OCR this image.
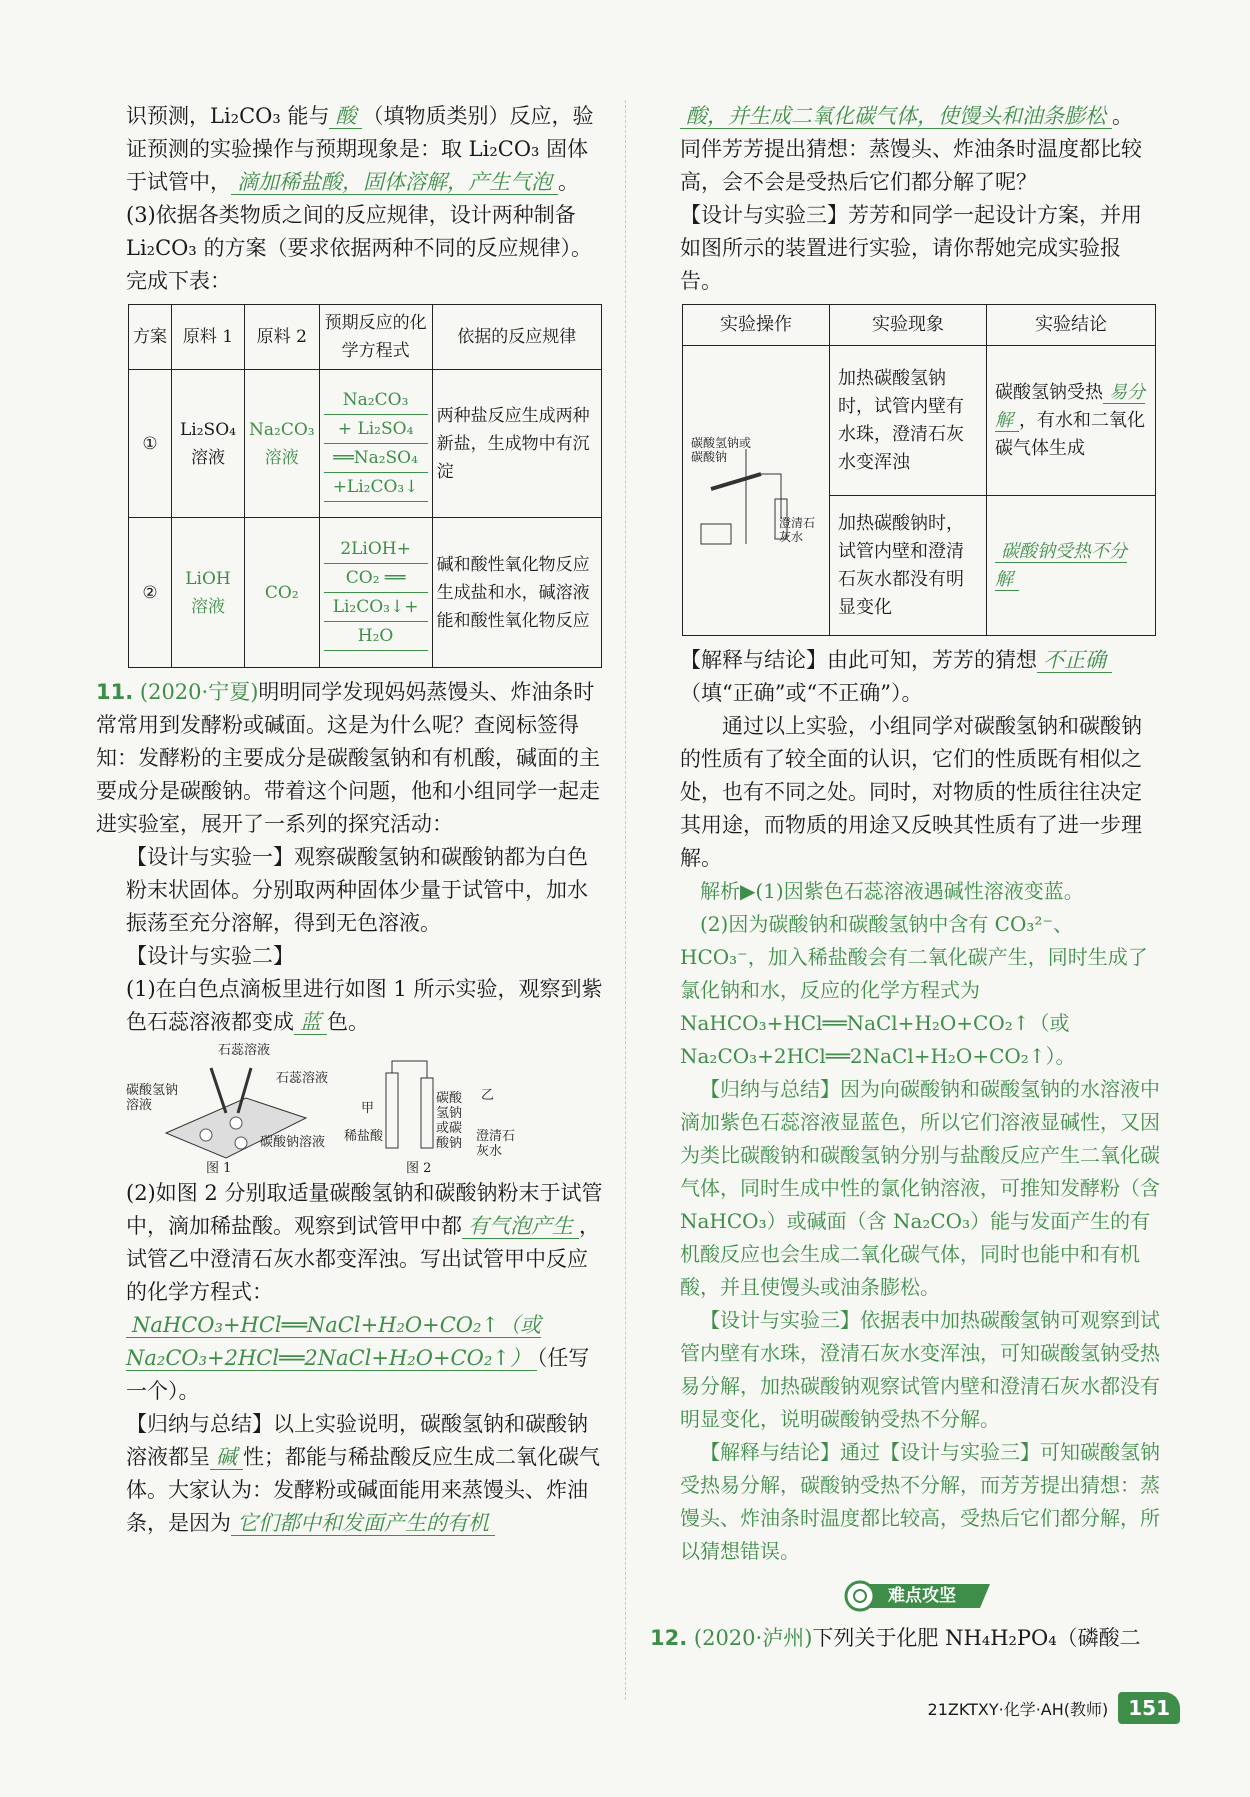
识预测，Li₂CO₃ 能与 酸 （填物质类别）反应，验证预测的实验操作与预期现象是：取 Li₂CO₃ 固体于试管中， 滴加稀盐酸，固体溶解，产生气泡 。

(3)依据各类物质之间的反应规律，设计两种制备 Li₂CO₃ 的方案（要求依据两种不同的反应规律）。完成下表：

方案	原料 1	原料 2	预期反应的化学方程式	依据的反应规律
①	Li₂SO₄ 溶液	Na₂CO₃ 溶液	Na₂CO₃
+ Li₂SO₄
══Na₂SO₄
+Li₂CO₃↓	两种盐反应生成两种新盐，生成物中有沉淀
②	LiOH 溶液	CO₂	2LiOH+
CO₂ ══
Li₂CO₃↓+
H₂O	碱和酸性氧化物反应生成盐和水，碱溶液能和酸性氧化物反应

11. (2020·宁夏)明明同学发现妈妈蒸馒头、炸油条时常常用到发酵粉或碱面。这是为什么呢？查阅标签得知：发酵粉的主要成分是碳酸氢钠和有机酸，碱面的主要成分是碳酸钠。带着这个问题，他和小组同学一起走进实验室，展开了一系列的探究活动：

【设计与实验一】观察碳酸氢钠和碳酸钠都为白色粉末状固体。分别取两种固体少量于试管中，加水振荡至充分溶解，得到无色溶液。

【设计与实验二】

(1)在白色点滴板里进行如图 1 所示实验，观察到紫色石蕊溶液都变成 蓝 色。

石蕊溶液
石蕊溶液
碳酸氢钠溶液
碳酸钠溶液
图 1
甲
稀盐酸
碳酸氢钠或碳酸钠
乙
澄清石灰水
图 2

(2)如图 2 分别取适量碳酸氢钠和碳酸钠粉末于试管中，滴加稀盐酸。观察到试管甲中都 有气泡产生 ，试管乙中澄清石灰水都变浑浊。写出试管甲中反应的化学方程式：NaHCO₃+HCl══NaCl+H₂O+CO₂↑（或 Na₂CO₃+2HCl══2NaCl+H₂O+CO₂↑） （任写一个）。

【归纳与总结】以上实验说明，碳酸氢钠和碳酸钠溶液都呈 碱 性；都能与稀盐酸反应生成二氧化碳气体。大家认为：发酵粉或碱面能用来蒸馒头、炸油条，是因为 它们都中和发面产生的有机

酸，并生成二氧化碳气体，使馒头和油条膨松 。

同伴芳芳提出猜想：蒸馒头、炸油条时温度都比较高，会不会是受热后它们都分解了呢？

【设计与实验三】芳芳和同学一起设计方案，并用如图所示的装置进行实验，请你帮她完成实验报告。

实验操作	实验现象	实验结论

碳酸氢钠或碳酸钠
澄清石灰水	加热碳酸氢钠时，试管内壁有水珠，澄清石灰水变浑浊	碳酸氢钠受热 易分解 ，有水和二氧化碳气体生成
	加热碳酸钠时，试管内壁和澄清石灰水都没有明显变化	碳酸钠受热不分解

【解释与结论】由此可知，芳芳的猜想 不正确（填“正确”或“不正确”）。

通过以上实验，小组同学对碳酸氢钠和碳酸钠的性质有了较全面的认识，它们的性质既有相似之处，也有不同之处。同时，对物质的性质往往决定其用途，而物质的用途又反映其性质有了进一步理解。

解析▶(1)因紫色石蕊溶液遇碱性溶液变蓝。

(2)因为碳酸钠和碳酸氢钠中含有 CO₃²⁻、HCO₃⁻，加入稀盐酸会有二氧化碳产生，同时生成了氯化钠和水，反应的化学方程式为 NaHCO₃+HCl══NaCl+H₂O+CO₂↑（或 Na₂CO₃+2HCl══2NaCl+H₂O+CO₂↑）。

【归纳与总结】因为向碳酸钠和碳酸氢钠的水溶液中滴加紫色石蕊溶液显蓝色，所以它们溶液显碱性，又因为类比碳酸钠和碳酸氢钠分别与盐酸反应产生二氧化碳气体，同时生成中性的氯化钠溶液，可推知发酵粉（含 NaHCO₃）或碱面（含 Na₂CO₃）能与发面产生的有机酸反应也会生成二氧化碳气体，同时也能中和有机酸，并且使馒头或油条膨松。

【设计与实验三】依据表中加热碳酸氢钠可观察到试管内壁有水珠，澄清石灰水变浑浊，可知碳酸氢钠受热易分解，加热碳酸钠观察试管内壁和澄清石灰水都没有明显变化，说明碳酸钠受热不分解。

【解释与结论】通过【设计与实验三】可知碳酸氢钠受热易分解，碳酸钠受热不分解，而芳芳提出猜想：蒸馒头、炸油条时温度都比较高，受热后它们都分解，所以猜想错误。

难点攻坚

12. (2020·泸州)下列关于化肥 NH₄H₂PO₄（磷酸二

21ZKTXY·化学·AH(教师)	151
